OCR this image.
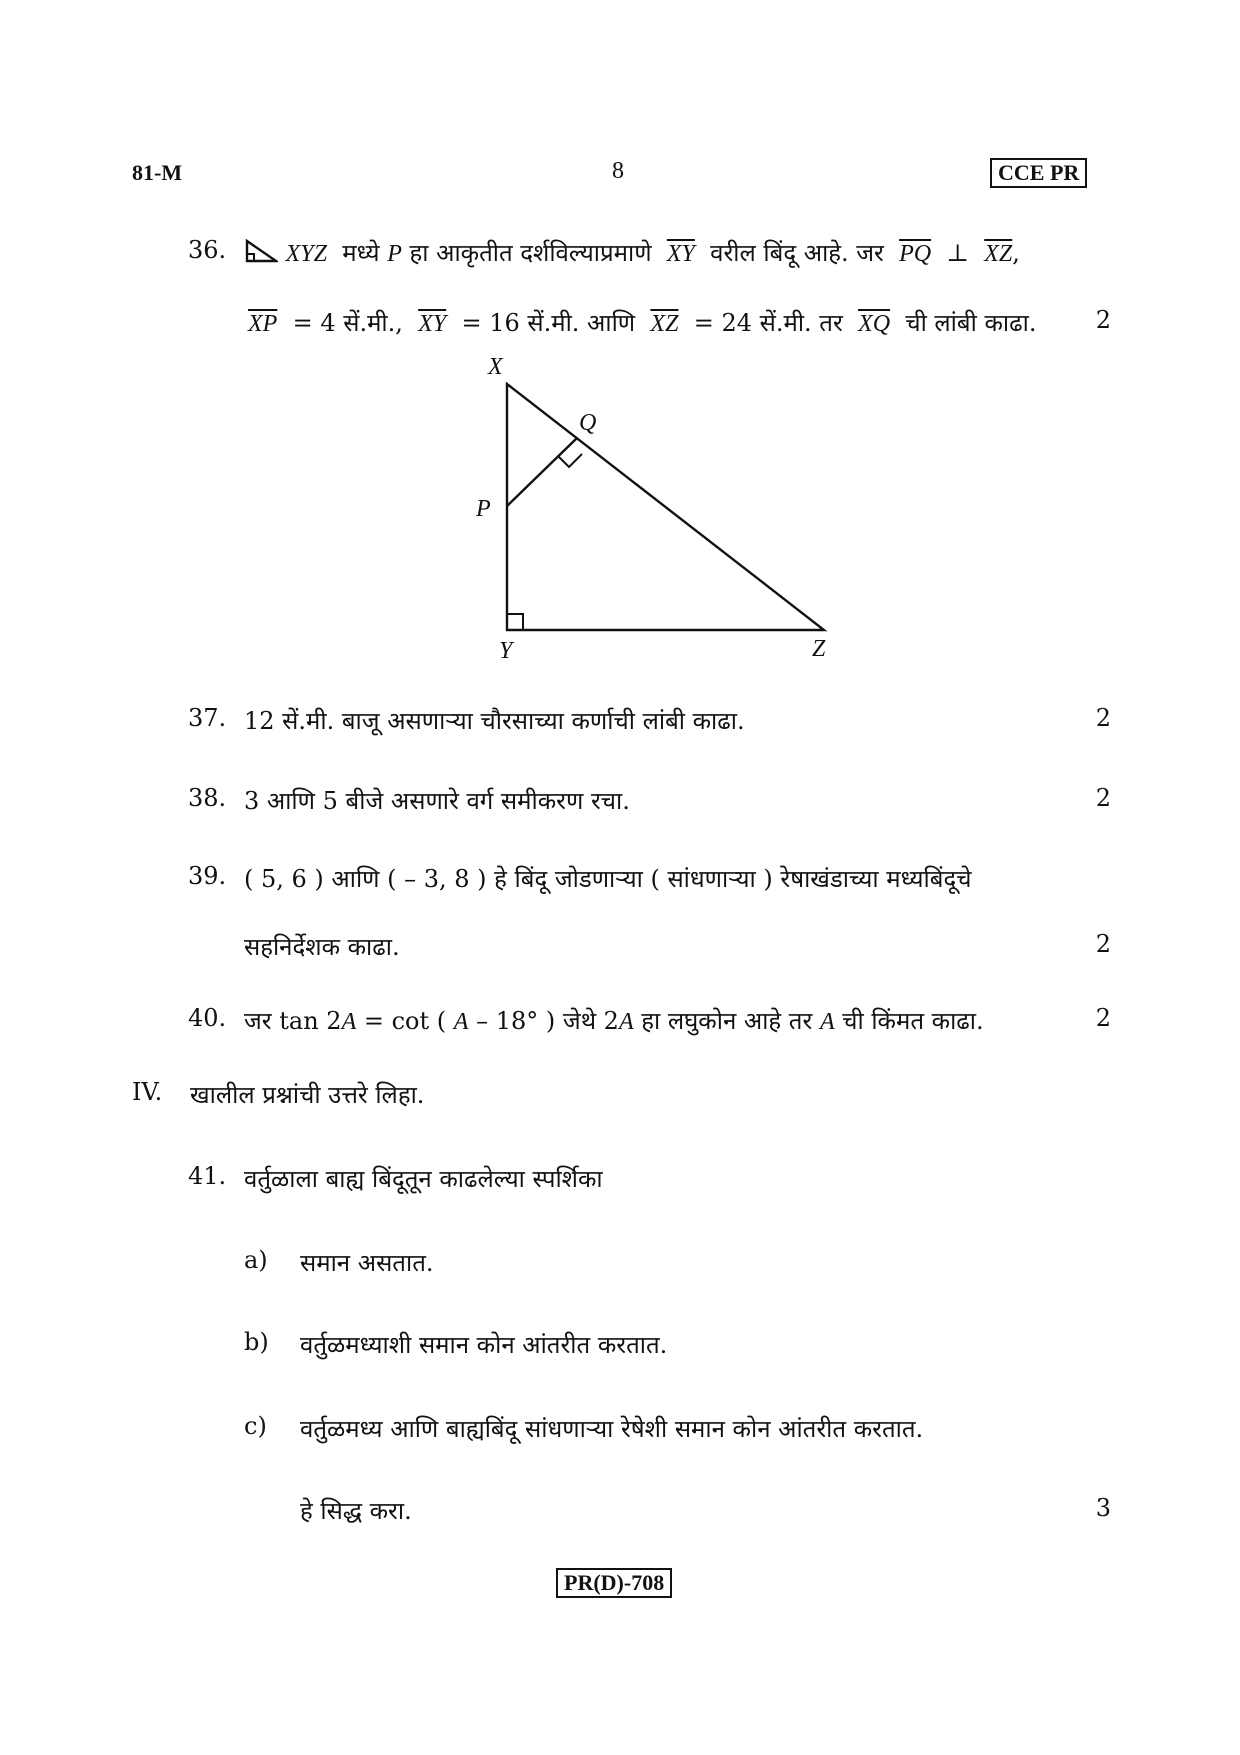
81-M	8	CCE PR
36.	XYZ मध्ये P हा आकृतीत दर्शविल्याप्रमाणे $\overline{XY}$ वरील बिंदू आहे. जर $\overline{PQ}$ ⊥ $\overline{XZ}$,
$\overline{XP} = 4$ सें.मी., $\overline{XY} = 16$ सें.मी. आणि $\overline{XZ} = 24$ सें.मी. तर $\overline{XQ}$ ची लांबी काढा. 2
X
Q
P
Y	Z
37. 12 सें.मी. बाजू असणाऱ्या चौरसाच्या कर्णाची लांबी काढा.	2
38. 3 आणि 5 बीजे असणारे वर्ग समीकरण रचा.	2
39. ( 5, 6 ) आणि ( – 3, 8 ) हे बिंदू जोडणाऱ्या ( सांधणाऱ्या ) रेषाखंडाच्या मध्यबिंदूचे
सहनिर्देशक काढा.	2
40. जर tan 2A = cot ( A – 18° ) जेथे 2A हा लघुकोन आहे तर A ची किंमत काढा.	2
IV. खालील प्रश्नांची उत्तरे लिहा.
41. वर्तुळाला बाह्य बिंदूतून काढलेल्या स्पर्शिका
a) समान असतात.
b) वर्तुळमध्याशी समान कोन आंतरीत करतात.
c) वर्तुळमध्य आणि बाह्यबिंदू सांधणाऱ्या रेषेशी समान कोन आंतरीत करतात.
हे सिद्ध करा.	3
PR(D)-708
